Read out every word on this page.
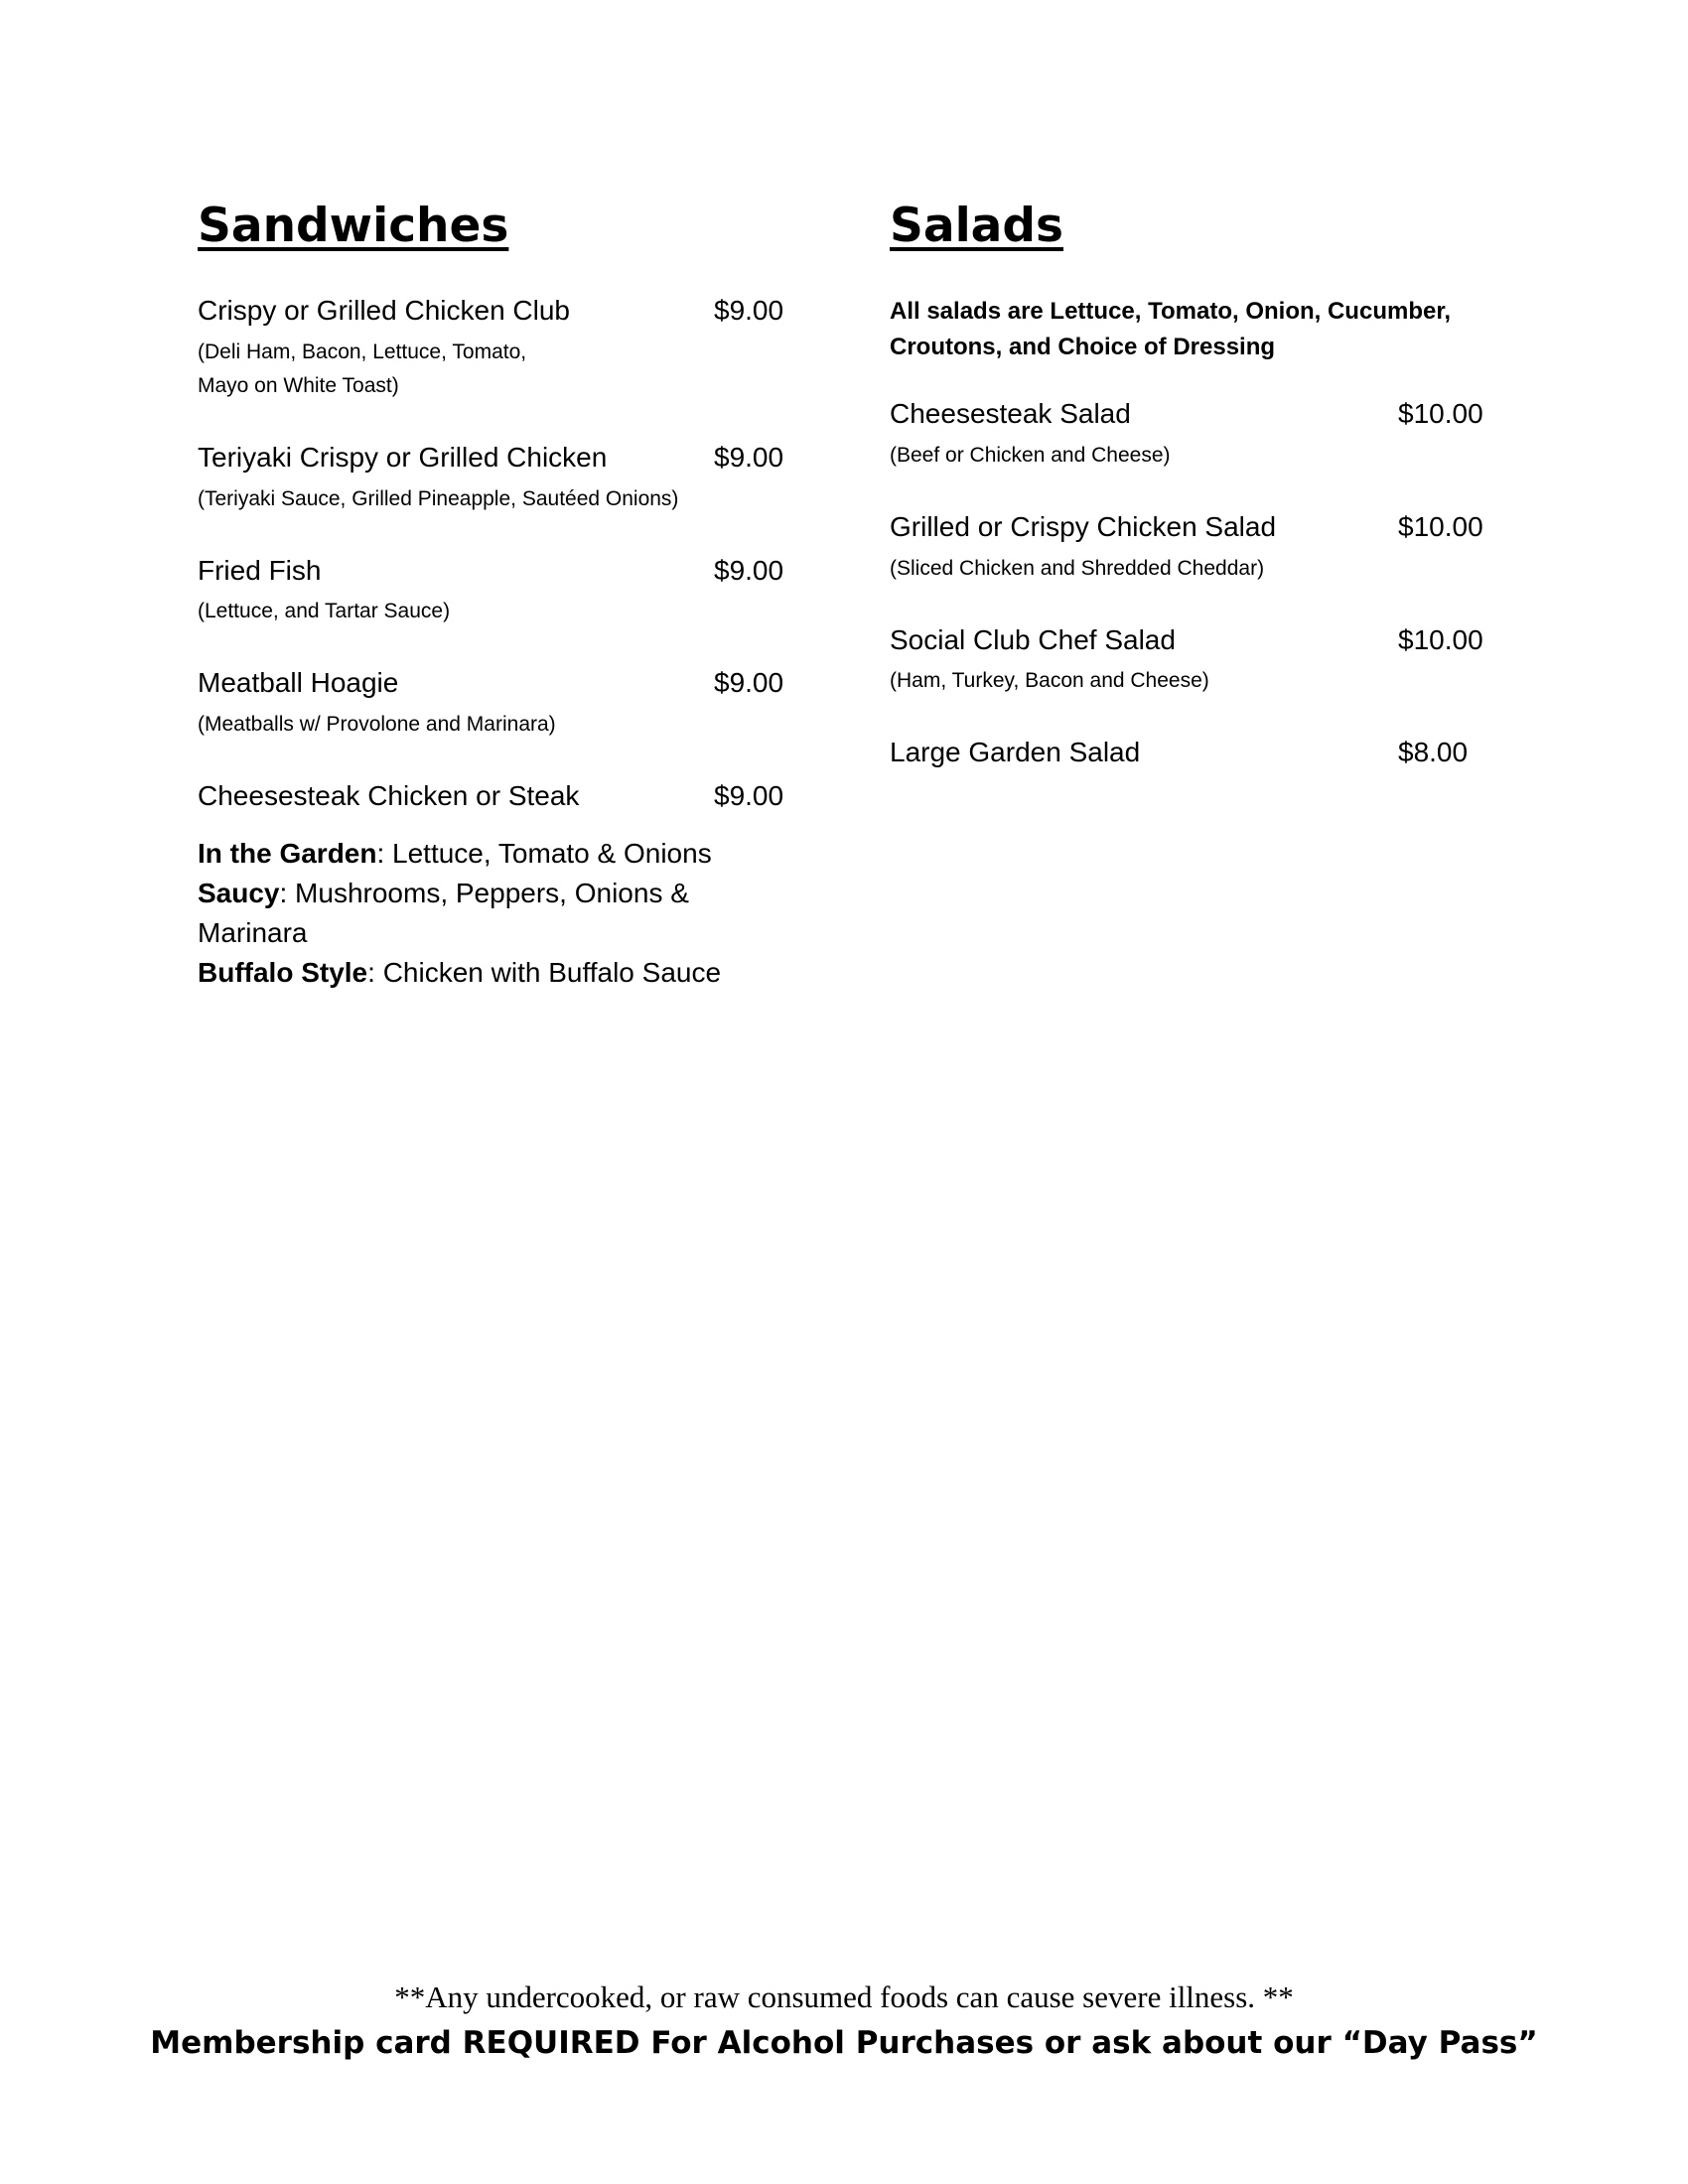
Sandwiches
Crispy or Grilled Chicken Club	$9.00
(Deli Ham, Bacon, Lettuce, Tomato,
Mayo on White Toast)
Teriyaki Crispy or Grilled Chicken	$9.00
(Teriyaki Sauce, Grilled Pineapple, Sautéed Onions)
Fried Fish	$9.00
(Lettuce, and Tartar Sauce)
Meatball Hoagie	$9.00
(Meatballs w/ Provolone and Marinara)
Cheesesteak Chicken or Steak	$9.00
In the Garden: Lettuce, Tomato & Onions
Saucy: Mushrooms, Peppers, Onions & Marinara
Buffalo Style: Chicken with Buffalo Sauce
Salads
All salads are Lettuce, Tomato, Onion, Cucumber,
Croutons, and Choice of Dressing
Cheesesteak Salad	$10.00
(Beef or Chicken and Cheese)
Grilled or Crispy Chicken Salad	$10.00
(Sliced Chicken and Shredded Cheddar)
Social Club Chef Salad	$10.00
(Ham, Turkey, Bacon and Cheese)
Large Garden Salad	$8.00
**Any undercooked, or raw consumed foods can cause severe illness. **
Membership card REQUIRED For Alcohol Purchases or ask about our “Day Pass”
